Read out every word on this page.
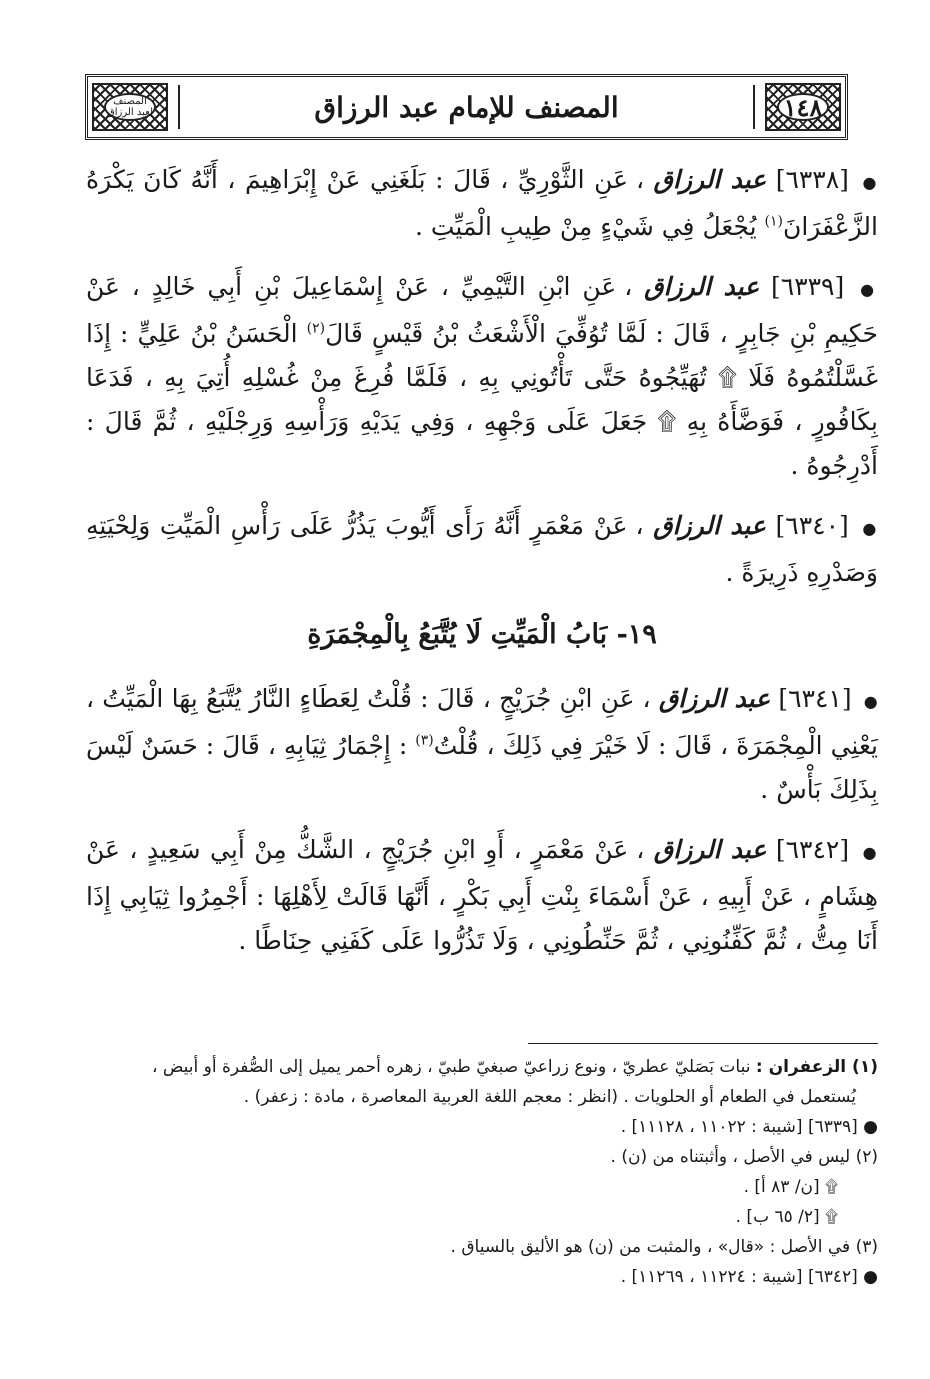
١٤٨
المصنف للإمام عبد الرزاق
المصنف لعبد الرزاق

● [٦٣٣٨] عبد الرزاق ، عَنِ الثَّوْرِيِّ ، قَالَ : بَلَغَنِي عَنْ إِبْرَاهِيمَ ، أَنَّهُ كَانَ يَكْرَهُ الزَّعْفَرَانَ$^{(١)}$ يُجْعَلُ فِي شَيْءٍ مِنْ طِيبِ الْمَيِّتِ .

● [٦٣٣٩] عبد الرزاق ، عَنِ ابْنِ التَّيْمِيِّ ، عَنْ إِسْمَاعِيلَ بْنِ أَبِي خَالِدٍ ، عَنْ حَكِيمِ بْنِ جَابِرٍ ، قَالَ : لَمَّا تُوُفِّيَ الْأَشْعَثُ بْنُ قَيْسٍ قَالَ$^{(٢)}$ الْحَسَنُ بْنُ عَلِيٍّ : إِذَا غَسَّلْتُمُوهُ فَلَا ۩ تُهَيِّجُوهُ حَتَّى تَأْتُونِي بِهِ ، فَلَمَّا فُرِغَ مِنْ غُسْلِهِ أُتِيَ بِهِ ، فَدَعَا بِكَافُورٍ ، فَوَضَّأَهُ بِهِ ۩ جَعَلَ عَلَى وَجْهِهِ ، وَفِي يَدَيْهِ وَرَأْسِهِ وَرِجْلَيْهِ ، ثُمَّ قَالَ : أَدْرِجُوهُ .

● [٦٣٤٠] عبد الرزاق ، عَنْ مَعْمَرٍ أَنَّهُ رَأَى أَيُّوبَ يَذُرُّ عَلَى رَأْسِ الْمَيِّتِ وَلِحْيَتِهِ وَصَدْرِهِ ذَرِيرَةً .

١٩- بَابُ الْمَيِّتِ لَا يُتَّبَعُ بِالْمِجْمَرَةِ

● [٦٣٤١] عبد الرزاق ، عَنِ ابْنِ جُرَيْجٍ ، قَالَ : قُلْتُ لِعَطَاءٍ النَّارُ يُتَّبَعُ بِهَا الْمَيِّتُ ، يَعْنِي الْمِجْمَرَةَ ، قَالَ : لَا خَيْرَ فِي ذَلِكَ ، قُلْتُ$^{(٣)}$ : إِجْمَارُ ثِيَابِهِ ، قَالَ : حَسَنٌ لَيْسَ بِذَلِكَ بَأْسٌ .

● [٦٣٤٢] عبد الرزاق ، عَنْ مَعْمَرٍ ، أَوِ ابْنِ جُرَيْجٍ ، الشَّكُّ مِنْ أَبِي سَعِيدٍ ، عَنْ هِشَامٍ ، عَنْ أَبِيهِ ، عَنْ أَسْمَاءَ بِنْتِ أَبِي بَكْرٍ ، أَنَّهَا قَالَتْ لِأَهْلِهَا : أَجْمِرُوا ثِيَابِي إِذَا أَنَا مِتُّ ، ثُمَّ كَفِّنُونِي ، ثُمَّ حَنِّطُونِي ، وَلَا تَذُرُّوا عَلَى كَفَنِي حِنَاطًا .

(١) الزعفران : نبات بَصَليّ عطريّ ، ونوع زراعيّ صبغيّ طبيّ ، زهره أحمر يميل إلى الصُّفرة أو أبيض ،

يُستعمل في الطعام أو الحلويات . (انظر : معجم اللغة العربية المعاصرة ، مادة : زعفر) .

● [٦٣٣٩] [شيبة : ١١٠٢٢ ، ١١١٢٨] .

(٢) ليس في الأصل ، وأثبتناه من (ن) .

۩ [ن/ ٨٣ أ] .

۩ [٢/ ٦٥ ب] .

(٣) في الأصل : «قال» ، والمثبت من (ن) هو الأليق بالسياق .

● [٦٣٤٢] [شيبة : ١١٢٢٤ ، ١١٢٦٩] .
